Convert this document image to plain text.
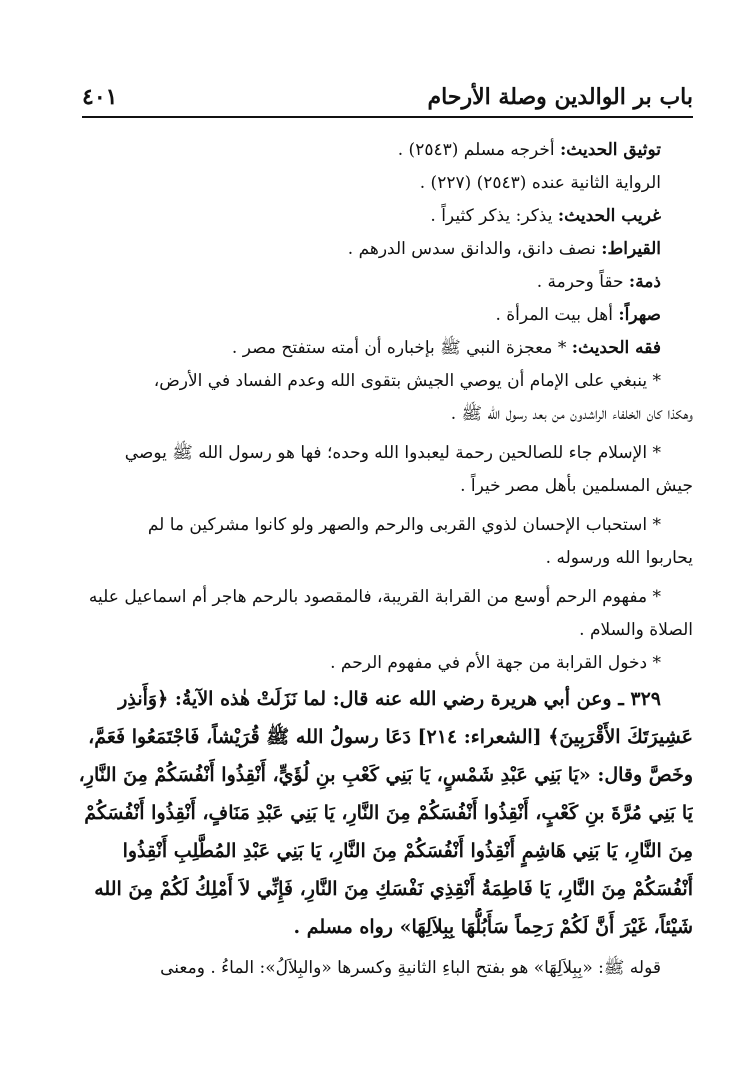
باب بر الوالدين وصلة الأرحام
٤٠١
توثيق الحديث: أخرجه مسلم (٢٥٤٣) .
الرواية الثانية عنده (٢٥٤٣) (٢٢٧) .
غريب الحديث: يذكر: يذكر كثيراً .
القيراط: نصف دانق، والدانق سدس الدرهم .
ذمة: حقاً وحرمة .
صهراً: أهل بيت المرأة .
فقه الحديث: * معجزة النبي ﷺ بإخباره أن أمته ستفتح مصر .
* ينبغي على الإمام أن يوصي الجيش بتقوى الله وعدم الفساد في الأرض،
وهكذا كان الخلفاء الراشدون من بعد رسول الله ﷺ .
* الإسلام جاء للصالحين رحمة ليعبدوا الله وحده؛ فها هو رسول الله ﷺ يوصي
جيش المسلمين بأهل مصر خيراً .
* استحباب الإحسان لذوي القربى والرحم والصهر ولو كانوا مشركين ما لم
يحاربوا الله ورسوله .
* مفهوم الرحم أوسع من القرابة القريبة، فالمقصود بالرحم هاجر أم اسماعيل عليه
الصلاة والسلام .
* دخول القرابة من جهة الأم في مفهوم الرحم .
٣٢٩ ـ وعن أبي هريرة رضي الله عنه قال: لما نَزَلَتْ هٰذه الآيةُ: ﴿وَأَنذِر
عَشِيرَتَكَ الأَقْرَبِينَ﴾ [الشعراء: ٢١٤] دَعَا رسولُ الله ﷺ قُرَيْشاً، فَاجْتَمَعُوا فَعَمَّ،
وخَصَّ وقال: «يَا بَنِي عَبْدِ شَمْسٍ، يَا بَنِي كَعْبِ بنِ لُؤَيٍّ، أَنْقِذُوا أَنْفُسَكُمْ مِنَ النَّارِ،
يَا بَنِي مُرَّةَ بنِ كَعْبٍ، أَنْقِذُوا أَنْفُسَكُمْ مِنَ النَّارِ، يَا بَنِي عَبْدِ مَنَافٍ، أَنْقِذُوا أَنْفُسَكُمْ
مِنَ النَّارِ، يَا بَنِي هَاشِمٍ أَنْقِذُوا أَنْفُسَكُمْ مِنَ النَّارِ، يَا بَنِي عَبْدِ المُطَّلِبِ أَنْقِذُوا
أَنْفُسَكُمْ مِنَ النَّارِ، يَا فَاطِمَةُ أَنْقِذِي نَفْسَكِ مِنَ النَّارِ، فَإِنِّي لاَ أَمْلِكُ لَكُمْ مِنَ الله
شَيْئاً، غَيْرَ أَنَّ لَكُمْ رَحِماً سَأَبُلُّهَا بِبِلاَلِهَا» رواه مسلم .
قوله ﷺ: «بِبِلاَلِهَا» هو بفتح الباءِ الثانيةِ وكسرها «والبِلاَلُ»: الماءُ . ومعنى
